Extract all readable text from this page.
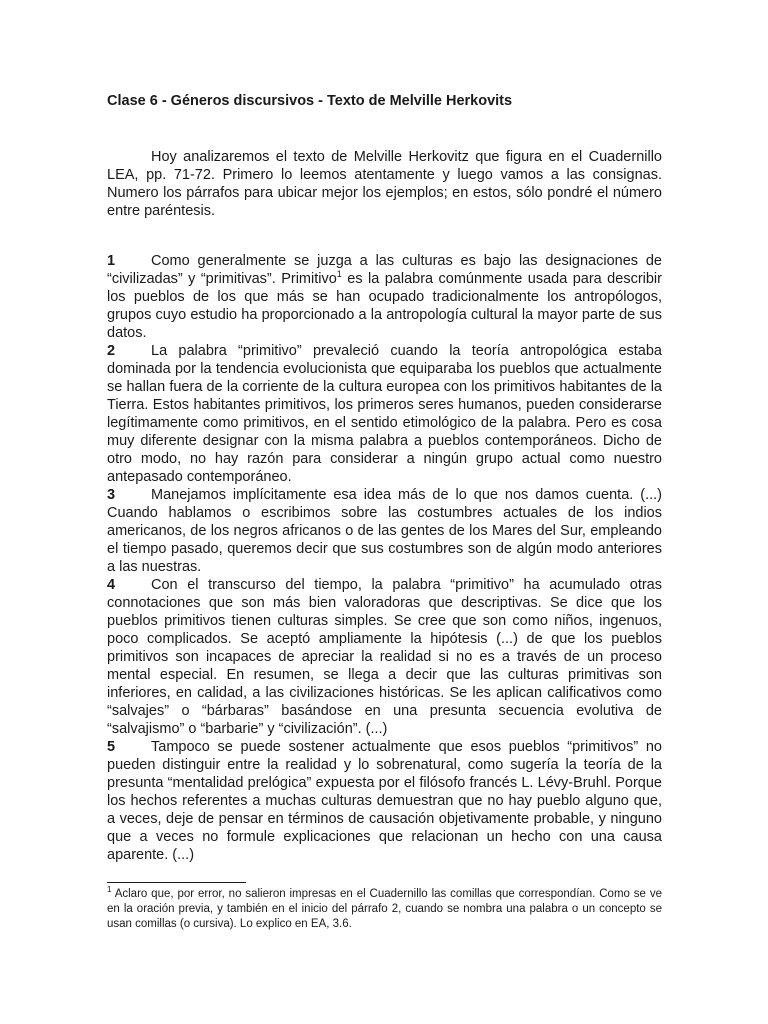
Clase 6 - Géneros discursivos - Texto de Melville Herkovits

Hoy analizaremos el texto de Melville Herkovitz que figura en el Cuadernillo LEA, pp. 71-72. Primero lo leemos atentamente y luego vamos a las consignas. Numero los párrafos para ubicar mejor los ejemplos; en estos, sólo pondré el número entre paréntesis.

1 Como generalmente se juzga a las culturas es bajo las designaciones de “civilizadas” y “primitivas”. Primitivo$^1$ es la palabra comúnmente usada para describir los pueblos de los que más se han ocupado tradicionalmente los antropólogos, grupos cuyo estudio ha proporcionado a la antropología cultural la mayor parte de sus datos.

2 La palabra “primitivo” prevaleció cuando la teoría antropológica estaba dominada por la tendencia evolucionista que equiparaba los pueblos que actualmente se hallan fuera de la corriente de la cultura europea con los primitivos habitantes de la Tierra. Estos habitantes primitivos, los primeros seres humanos, pueden considerarse legítimamente como primitivos, en el sentido etimológico de la palabra. Pero es cosa muy diferente designar con la misma palabra a pueblos contemporáneos. Dicho de otro modo, no hay razón para considerar a ningún grupo actual como nuestro antepasado contemporáneo.

3 Manejamos implícitamente esa idea más de lo que nos damos cuenta. (...) Cuando hablamos o escribimos sobre las costumbres actuales de los indios americanos, de los negros africanos o de las gentes de los Mares del Sur, empleando el tiempo pasado, queremos decir que sus costumbres son de algún modo anteriores a las nuestras.

4 Con el transcurso del tiempo, la palabra “primitivo” ha acumulado otras connotaciones que son más bien valoradoras que descriptivas. Se dice que los pueblos primitivos tienen culturas simples. Se cree que son como niños, ingenuos, poco complicados. Se aceptó ampliamente la hipótesis (...) de que los pueblos primitivos son incapaces de apreciar la realidad si no es a través de un proceso mental especial. En resumen, se llega a decir que las culturas primitivas son inferiores, en calidad, a las civilizaciones históricas. Se les aplican calificativos como “salvajes” o “bárbaras” basándose en una presunta secuencia evolutiva de “salvajismo” o “barbarie” y “civilización”. (...)

5 Tampoco se puede sostener actualmente que esos pueblos “primitivos” no pueden distinguir entre la realidad y lo sobrenatural, como sugería la teoría de la presunta “mentalidad prelógica” expuesta por el filósofo francés L. Lévy-Bruhl. Porque los hechos referentes a muchas culturas demuestran que no hay pueblo alguno que, a veces, deje de pensar en términos de causación objetivamente probable, y ninguno que a veces no formule explicaciones que relacionan un hecho con una causa aparente. (...)

$^1$ Aclaro que, por error, no salieron impresas en el Cuadernillo las comillas que correspondían. Como se ve en la oración previa, y también en el inicio del párrafo 2, cuando se nombra una palabra o un concepto se usan comillas (o cursiva). Lo explico en EA, 3.6.
